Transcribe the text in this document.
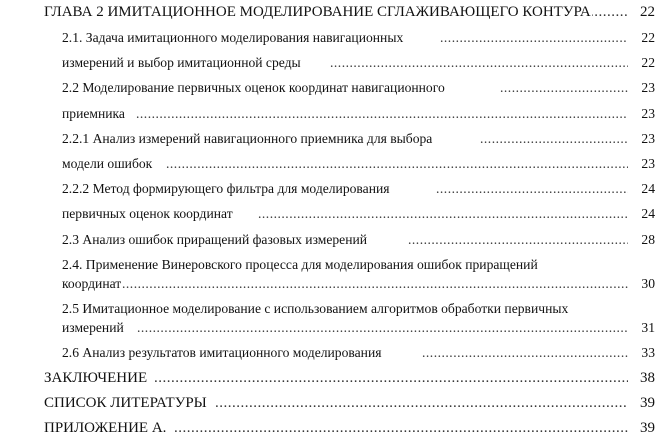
ГЛАВА 2 ИМИТАЦИОННОЕ МОДЕЛИРОВАНИЕ СГЛАЖИВАЮЩЕГО КОНТУРА .....	22
2.1. Задача имитационного моделирования навигационных .....	22
измерений и выбор имитационной среды .....	22
2.2 Моделирование первичных оценок координат навигационного .....	23
приемника .....	23
2.2.1 Анализ измерений навигационного приемника для выбора .....	23
модели ошибок .....	23
2.2.2 Метод формирующего фильтра для моделирования .....	24
первичных оценок координат .....	24
2.3 Анализ ошибок приращений фазовых измерений .....	28
2.4. Применение Винеровского процесса для моделирования ошибок приращений
координат .....	30
2.5 Имитационное моделирование с использованием алгоритмов обработки первичных
измерений .....	31
2.6 Анализ результатов имитационного моделирования .....	33
ЗАКЛЮЧЕНИЕ .....	38
СПИСОК ЛИТЕРАТУРЫ .....	39
ПРИЛОЖЕНИЕ А. .....	39
